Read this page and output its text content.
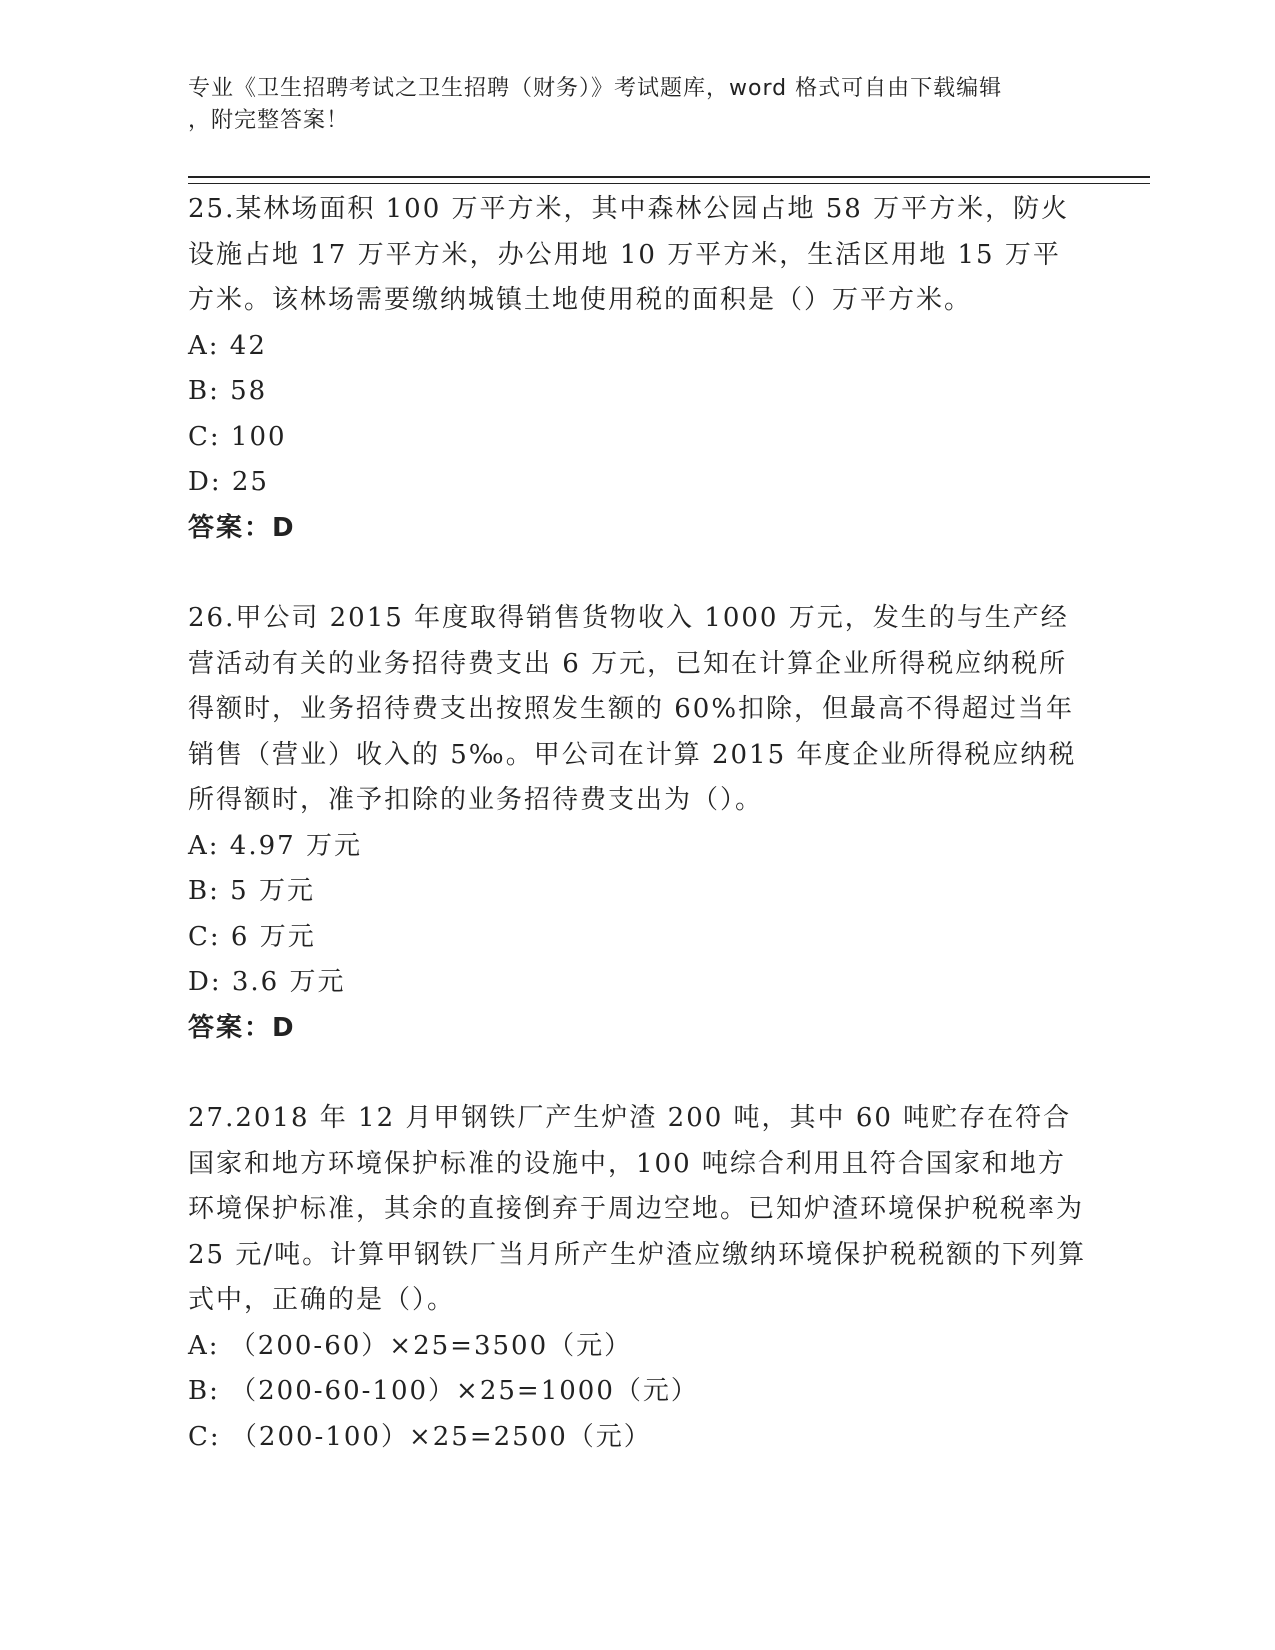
专业《卫生招聘考试之卫生招聘（财务）》考试题库，word 格式可自由下载编辑
，附完整答案！

25.某林场面积 100 万平方米，其中森林公园占地 58 万平方米，防火设施占地 17 万平方米，办公用地 10 万平方米，生活区用地 15 万平方米。该林场需要缴纳城镇土地使用税的面积是（）万平方米。

A: 42

B: 58

C: 100

D: 25

答案：D

26.甲公司 2015 年度取得销售货物收入 1000 万元，发生的与生产经营活动有关的业务招待费支出 6 万元，已知在计算企业所得税应纳税所得额时，业务招待费支出按照发生额的 60%扣除，但最高不得超过当年销售（营业）收入的 5‰。甲公司在计算 2015 年度企业所得税应纳税所得额时，准予扣除的业务招待费支出为（）。

A: 4.97 万元

B: 5 万元

C: 6 万元

D: 3.6 万元

答案：D

27.2018 年 12 月甲钢铁厂产生炉渣 200 吨，其中 60 吨贮存在符合国家和地方环境保护标准的设施中，100 吨综合利用且符合国家和地方环境保护标准，其余的直接倒弃于周边空地。已知炉渣环境保护税税率为 25 元/吨。计算甲钢铁厂当月所产生炉渣应缴纳环境保护税税额的下列算式中，正确的是（）。

A: （200-60）×25=3500（元）

B: （200-60-100）×25=1000（元）

C: （200-100）×25=2500（元）
